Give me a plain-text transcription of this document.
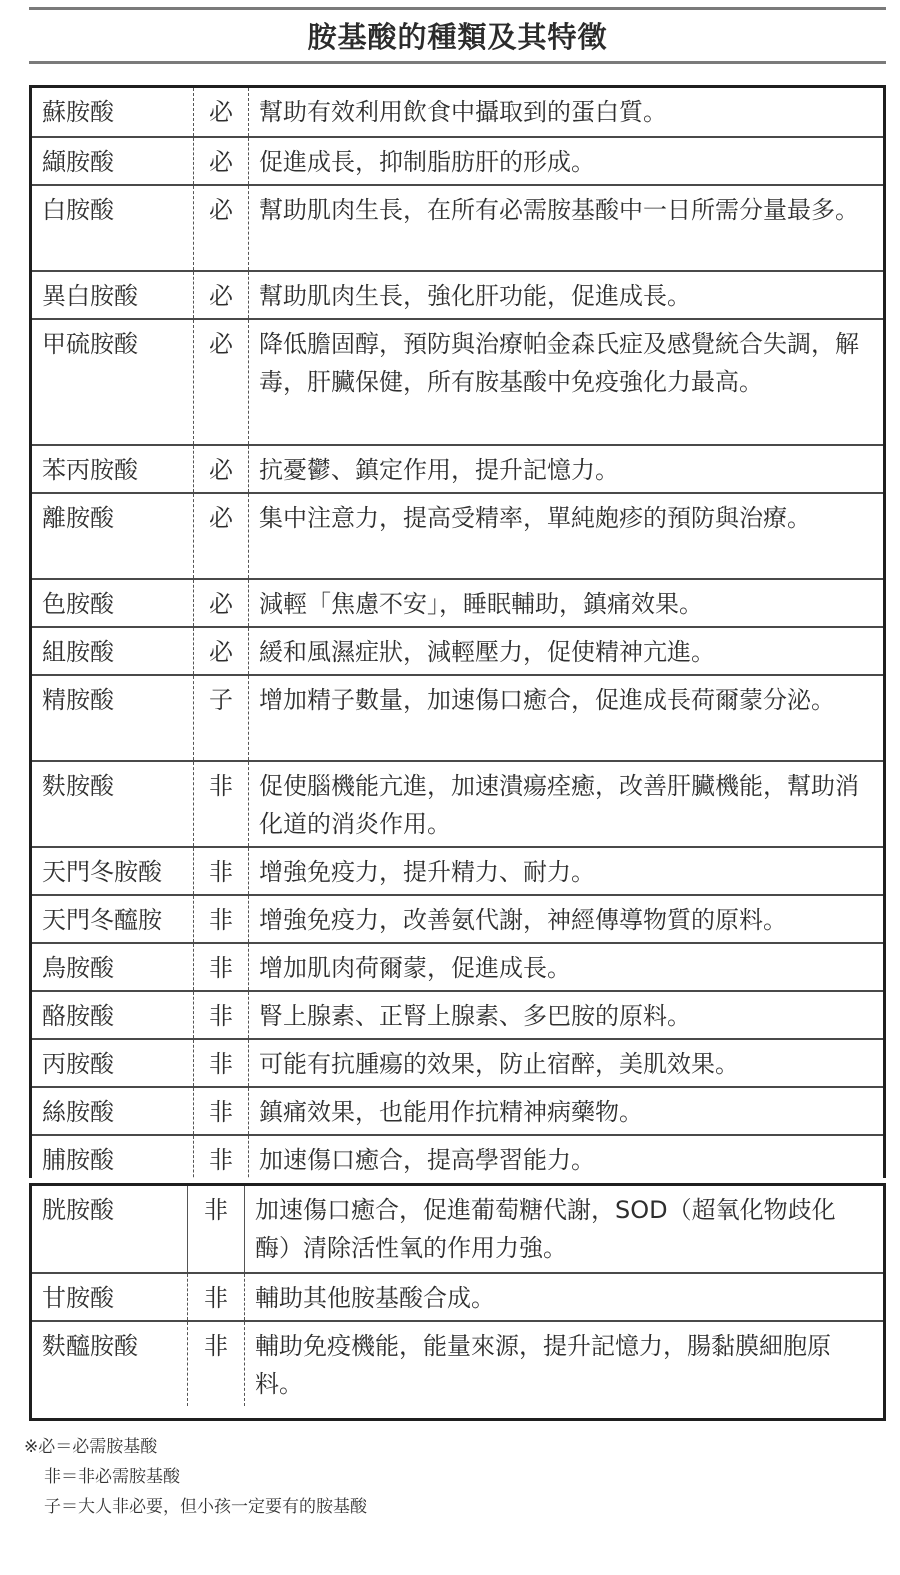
胺基酸的種類及其特徵
蘇胺酸	必	幫助有效利用飲食中攝取到的蛋白質。
纈胺酸	必	促進成長，抑制脂肪肝的形成。
白胺酸	必	幫助肌肉生長，在所有必需胺基酸中一日所需分量最多。
異白胺酸	必	幫助肌肉生長，強化肝功能，促進成長。
甲硫胺酸	必	降低膽固醇，預防與治療帕金森氏症及感覺統合失調，解毒，肝臟保健，所有胺基酸中免疫強化力最高。
苯丙胺酸	必	抗憂鬱、鎮定作用，提升記憶力。
離胺酸	必	集中注意力，提高受精率，單純皰疹的預防與治療。
色胺酸	必	減輕「焦慮不安」，睡眠輔助，鎮痛效果。
組胺酸	必	緩和風濕症狀，減輕壓力，促使精神亢進。
精胺酸	子	增加精子數量，加速傷口癒合，促進成長荷爾蒙分泌。
麩胺酸	非	促使腦機能亢進，加速潰瘍痊癒，改善肝臟機能，幫助消化道的消炎作用。
天門冬胺酸	非	增強免疫力，提升精力、耐力。
天門冬醯胺	非	增強免疫力，改善氨代謝，神經傳導物質的原料。
鳥胺酸	非	增加肌肉荷爾蒙，促進成長。
酪胺酸	非	腎上腺素、正腎上腺素、多巴胺的原料。
丙胺酸	非	可能有抗腫瘍的效果，防止宿醉，美肌效果。
絲胺酸	非	鎮痛效果，也能用作抗精神病藥物。
脯胺酸	非	加速傷口癒合，提高學習能力。
胱胺酸	非	加速傷口癒合，促進葡萄糖代謝，SOD（超氧化物歧化酶）清除活性氧的作用力強。
甘胺酸	非	輔助其他胺基酸合成。
麩醯胺酸	非	輔助免疫機能，能量來源，提升記憶力，腸黏膜細胞原料。
※必＝必需胺基酸
非＝非必需胺基酸
子＝大人非必要，但小孩一定要有的胺基酸
